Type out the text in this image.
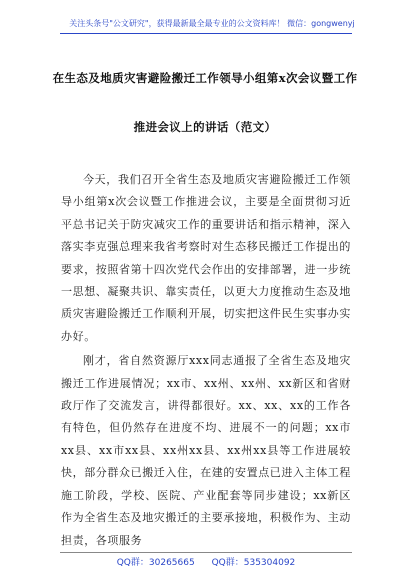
关注头条号"公文研究"，获得最新最全最专业的公文资料库！ 微信：gongwenyj
在生态及地质灾害避险搬迁工作领导小组第x次会议暨工作
推进会议上的讲话（范文）

今天，我们召开全省生态及地质灾害避险搬迁工作领导小组第x次会议暨工作推进会议，主要是全面贯彻习近平总书记关于防灾减灾工作的重要讲话和指示精神，深入落实李克强总理来我省考察时对生态移民搬迁工作提出的要求，按照省第十四次党代会作出的安排部署，进一步统一思想、凝聚共识、靠实责任，以更大力度推动生态及地质灾害避险搬迁工作顺利开展，切实把这件民生实事办实办好。

刚才，省自然资源厅xxx同志通报了全省生态及地灾搬迁工作进展情况；xx市、xx州、xx州、xx新区和省财政厅作了交流发言，讲得都很好。xx、xx、xx的工作各有特色，但仍然存在进度不均、进展不一的问题；xx市xx县、xx市xx县、xx州xx县、xx州xx县等工作进展较快，部分群众已搬迁入住，在建的安置点已进入主体工程施工阶段，学校、医院、产业配套等同步建设；xx新区作为全省生态及地灾搬迁的主要承接地，积极作为、主动担责，各项服务

QQ群：30265665 QQ群：535304092
